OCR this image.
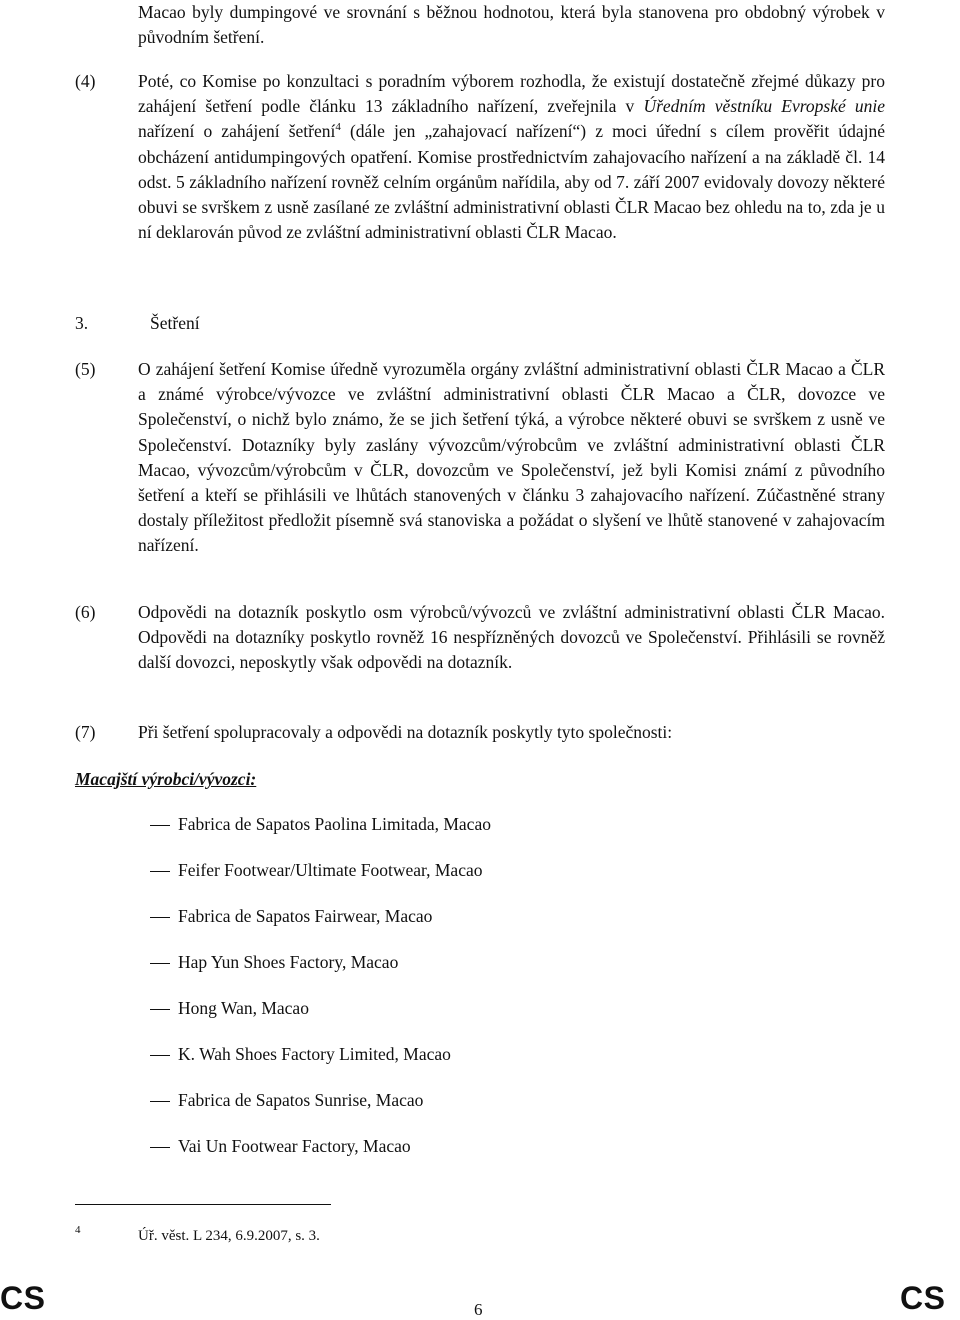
Macao byly dumpingové ve srovnání s běžnou hodnotou, která byla stanovena pro obdobný výrobek v původním šetření.

(4) Poté, co Komise po konzultaci s poradním výborem rozhodla, že existují dostatečně zřejmé důkazy pro zahájení šetření podle článku 13 základního nařízení, zveřejnila v Úředním věstníku Evropské unie nařízení o zahájení šetření$^4$ (dále jen „zahajovací nařízení“) z moci úřední s cílem prověřit údajné obcházení antidumpingových opatření. Komise prostřednictvím zahajovacího nařízení a na základě čl. 14 odst. 5 základního nařízení rovněž celním orgánům nařídila, aby od 7. září 2007 evidovaly dovozy některé obuvi se svrškem z usně zasílané ze zvláštní administrativní oblasti ČLR Macao bez ohledu na to, zda je u ní deklarován původ ze zvláštní administrativní oblasti ČLR Macao.

3.	Šetření

(5) O zahájení šetření Komise úředně vyrozuměla orgány zvláštní administrativní oblasti ČLR Macao a ČLR a známé výrobce/vývozce ve zvláštní administrativní oblasti ČLR Macao a ČLR, dovozce ve Společenství, o nichž bylo známo, že se jich šetření týká, a výrobce některé obuvi se svrškem z usně ve Společenství. Dotazníky byly zaslány vývozcům/výrobcům ve zvláštní administrativní oblasti ČLR Macao, vývozcům/výrobcům v ČLR, dovozcům ve Společenství, jež byli Komisi známí z původního šetření a kteří se přihlásili ve lhůtách stanovených v článku 3 zahajovacího nařízení. Zúčastněné strany dostaly příležitost předložit písemně svá stanoviska a požádat o slyšení ve lhůtě stanovené v zahajovacím nařízení.

(6) Odpovědi na dotazník poskytlo osm výrobců/vývozců ve zvláštní administrativní oblasti ČLR Macao. Odpovědi na dotazníky poskytlo rovněž 16 nespřízněných dovozců ve Společenství. Přihlásili se rovněž další dovozci, neposkytly však odpovědi na dotazník.

(7) Při šetření spolupracovaly a odpovědi na dotazník poskytly tyto společnosti:

Macajští výrobci/vývozci:
Fabrica de Sapatos Paolina Limitada, Macao
Feifer Footwear/Ultimate Footwear, Macao
Fabrica de Sapatos Fairwear, Macao
Hap Yun Shoes Factory, Macao
Hong Wan, Macao
K. Wah Shoes Factory Limited, Macao
Fabrica de Sapatos Sunrise, Macao
Vai Un Footwear Factory, Macao
4	Úř. věst. L 234, 6.9.2007, s. 3.
CS	6	CS
